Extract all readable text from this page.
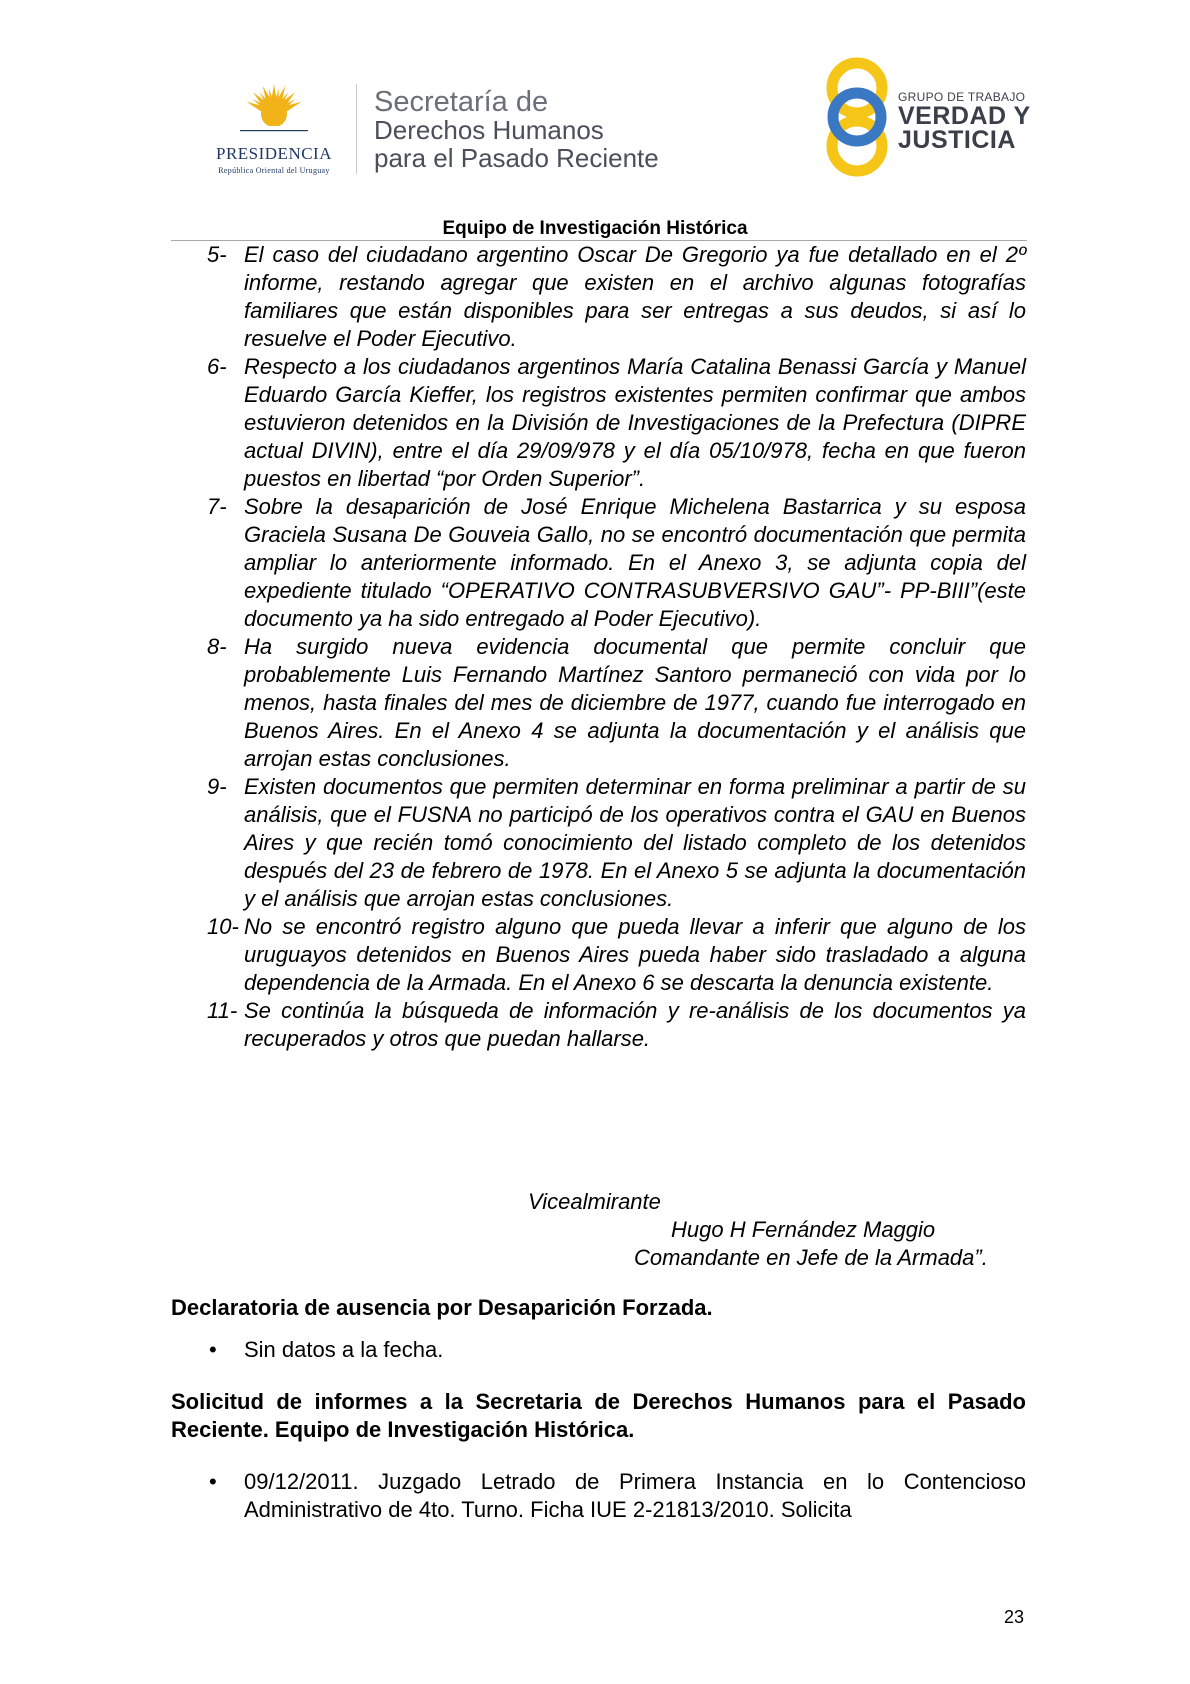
PRESIDENCIA
República Oriental del Uruguay
Secretaría de
Derechos Humanos
para el Pasado Reciente
GRUPO DE TRABAJO
VERDAD Y
JUSTICIA
Equipo de Investigación Histórica
5- El caso del ciudadano argentino Oscar De Gregorio ya fue detallado en el 2º informe, restando agregar que existen en el archivo algunas fotografías familiares que están disponibles para ser entregas a sus deudos, si así lo resuelve el Poder Ejecutivo.
6- Respecto a los ciudadanos argentinos María Catalina Benassi García y Manuel Eduardo García Kieffer, los registros existentes permiten confirmar que ambos estuvieron detenidos en la División de Investigaciones de la Prefectura (DIPRE actual DIVIN), entre el día 29/09/978 y el día 05/10/978, fecha en que fueron puestos en libertad “por Orden Superior”.
7- Sobre la desaparición de José Enrique Michelena Bastarrica y su esposa Graciela Susana De Gouveia Gallo, no se encontró documentación que permita ampliar lo anteriormente informado. En el Anexo 3, se adjunta copia del expediente titulado “OPERATIVO CONTRASUBVERSIVO GAU”- PP-BIII”(este documento ya ha sido entregado al Poder Ejecutivo).
8- Ha surgido nueva evidencia documental que permite concluir que probablemente Luis Fernando Martínez Santoro permaneció con vida por lo menos, hasta finales del mes de diciembre de 1977, cuando fue interrogado en Buenos Aires. En el Anexo 4 se adjunta la documentación y el análisis que arrojan estas conclusiones.
9- Existen documentos que permiten determinar en forma preliminar a partir de su análisis, que el FUSNA no participó de los operativos contra el GAU en Buenos Aires y que recién tomó conocimiento del listado completo de los detenidos después del 23 de febrero de 1978. En el Anexo 5 se adjunta la documentación y el análisis que arrojan estas conclusiones.
10- No se encontró registro alguno que pueda llevar a inferir que alguno de los uruguayos detenidos en Buenos Aires pueda haber sido trasladado a alguna dependencia de la Armada. En el Anexo 6 se descarta la denuncia existente.
11- Se continúa la búsqueda de información y re-análisis de los documentos ya recuperados y otros que puedan hallarse.
Vicealmirante
Hugo H Fernández Maggio
Comandante en Jefe de la Armada”.
Declaratoria de ausencia por Desaparición Forzada.
• Sin datos a la fecha.
Solicitud de informes a la Secretaria de Derechos Humanos para el Pasado Reciente. Equipo de Investigación Histórica.
• 09/12/2011. Juzgado Letrado de Primera Instancia en lo Contencioso Administrativo de 4to. Turno. Ficha IUE 2-21813/2010. Solicita
23
